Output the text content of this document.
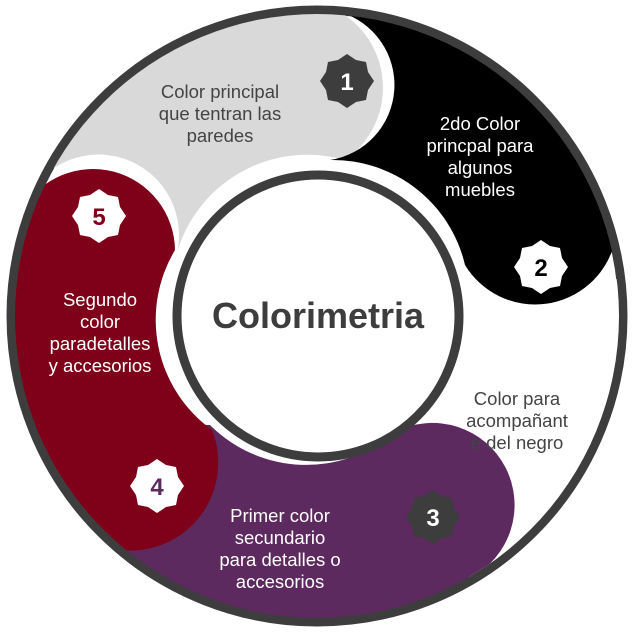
Colorimetria
1
2
3
4
5
Color principal
que tentran las
paredes
2do Color
princpal para
algunos
muebles
Color para
acompañant
e del negro
Primer color
secundario
para detalles o
accesorios
Segundo
color
paradetalles
y accesorios
